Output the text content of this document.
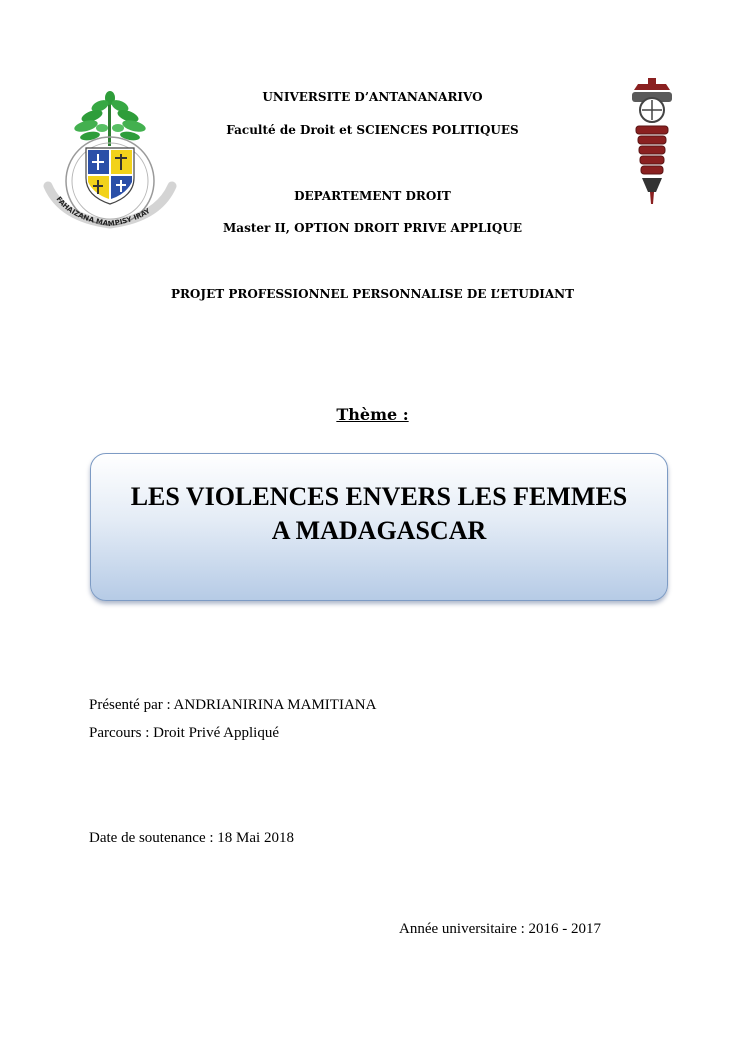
FAHAIZANA MAMPISY IRAY
UNIVERSITE D’ANTANANARIVO
Faculté de Droit et SCIENCES POLITIQUES
DEPARTEMENT DROIT
Master II, OPTION DROIT PRIVE APPLIQUE
PROJET PROFESSIONNEL PERSONNALISE DE L’ETUDIANT
Thème :
LES VIOLENCES ENVERS LES FEMMES
A MADAGASCAR
Présenté par : ANDRIANIRINA MAMITIANA
Parcours : Droit Privé Appliqué
Date de soutenance : 18 Mai 2018
Année universitaire : 2016 - 2017
